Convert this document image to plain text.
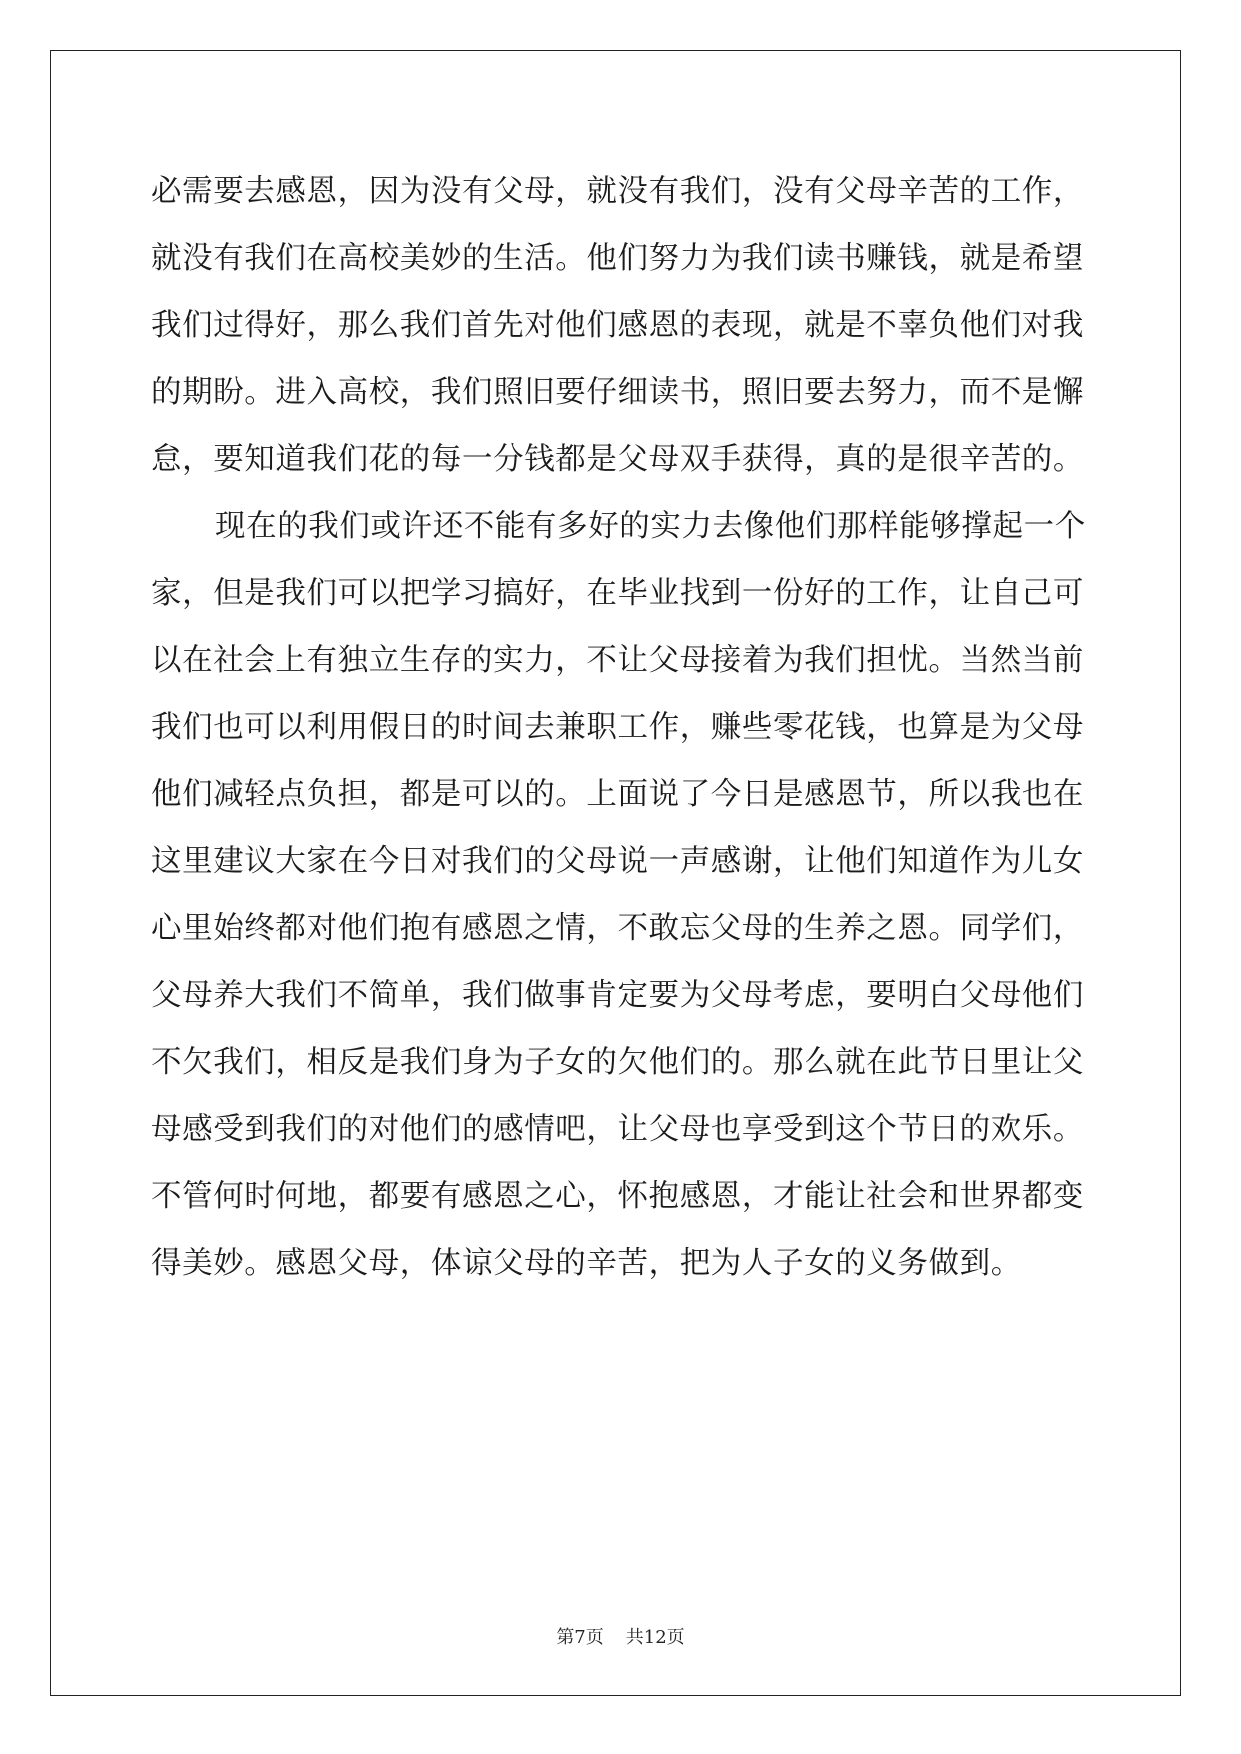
必需要去感恩，因为没有父母，就没有我们，没有父母辛苦的工作，
就没有我们在高校美妙的生活。他们努力为我们读书赚钱，就是希望
我们过得好，那么我们首先对他们感恩的表现，就是不辜负他们对我
的期盼。进入高校，我们照旧要仔细读书，照旧要去努力，而不是懈
怠，要知道我们花的每一分钱都是父母双手获得，真的是很辛苦的。
现在的我们或许还不能有多好的实力去像他们那样能够撑起一个
家，但是我们可以把学习搞好，在毕业找到一份好的工作，让自己可
以在社会上有独立生存的实力，不让父母接着为我们担忧。当然当前
我们也可以利用假日的时间去兼职工作，赚些零花钱，也算是为父母
他们减轻点负担，都是可以的。上面说了今日是感恩节，所以我也在
这里建议大家在今日对我们的父母说一声感谢，让他们知道作为儿女
心里始终都对他们抱有感恩之情，不敢忘父母的生养之恩。同学们，
父母养大我们不简单，我们做事肯定要为父母考虑，要明白父母他们
不欠我们，相反是我们身为子女的欠他们的。那么就在此节日里让父
母感受到我们的对他们的感情吧，让父母也享受到这个节日的欢乐。
不管何时何地，都要有感恩之心，怀抱感恩，才能让社会和世界都变
得美妙。感恩父母，体谅父母的辛苦，把为人子女的义务做到。
第7页 共12页
